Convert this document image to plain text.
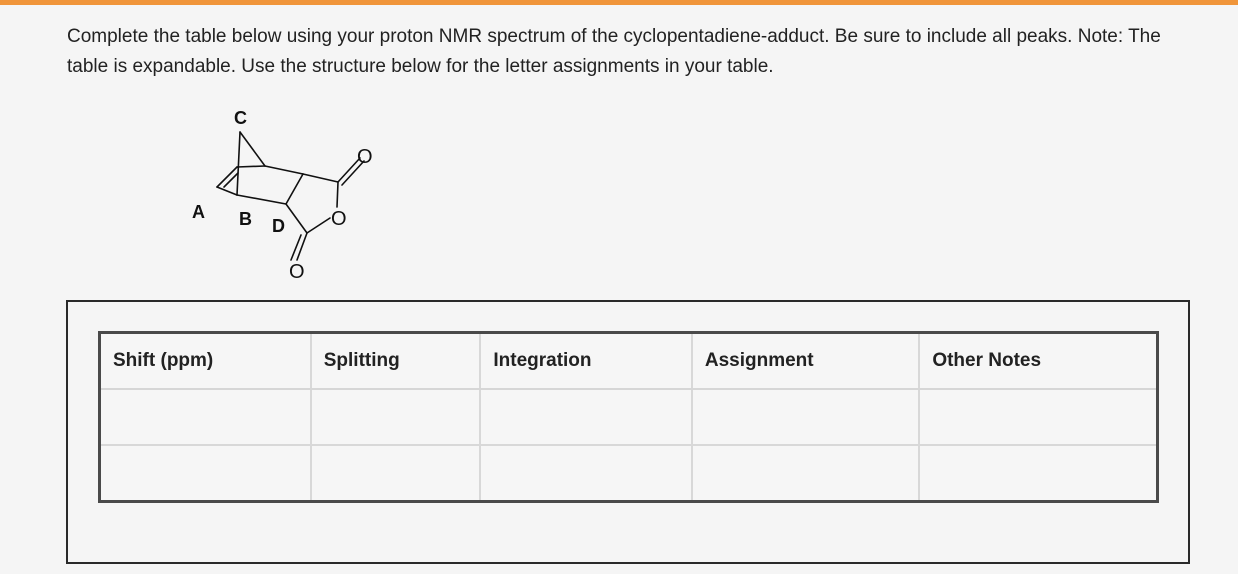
Complete the table below using your proton NMR spectrum of the cyclopentadiene-adduct. Be sure to include all peaks. Note: The table is expandable. Use the structure below for the letter assignments in your table.
C
A B D
O
O
O
Shift (ppm)	Splitting	Integration	Assignment	Other Notes
